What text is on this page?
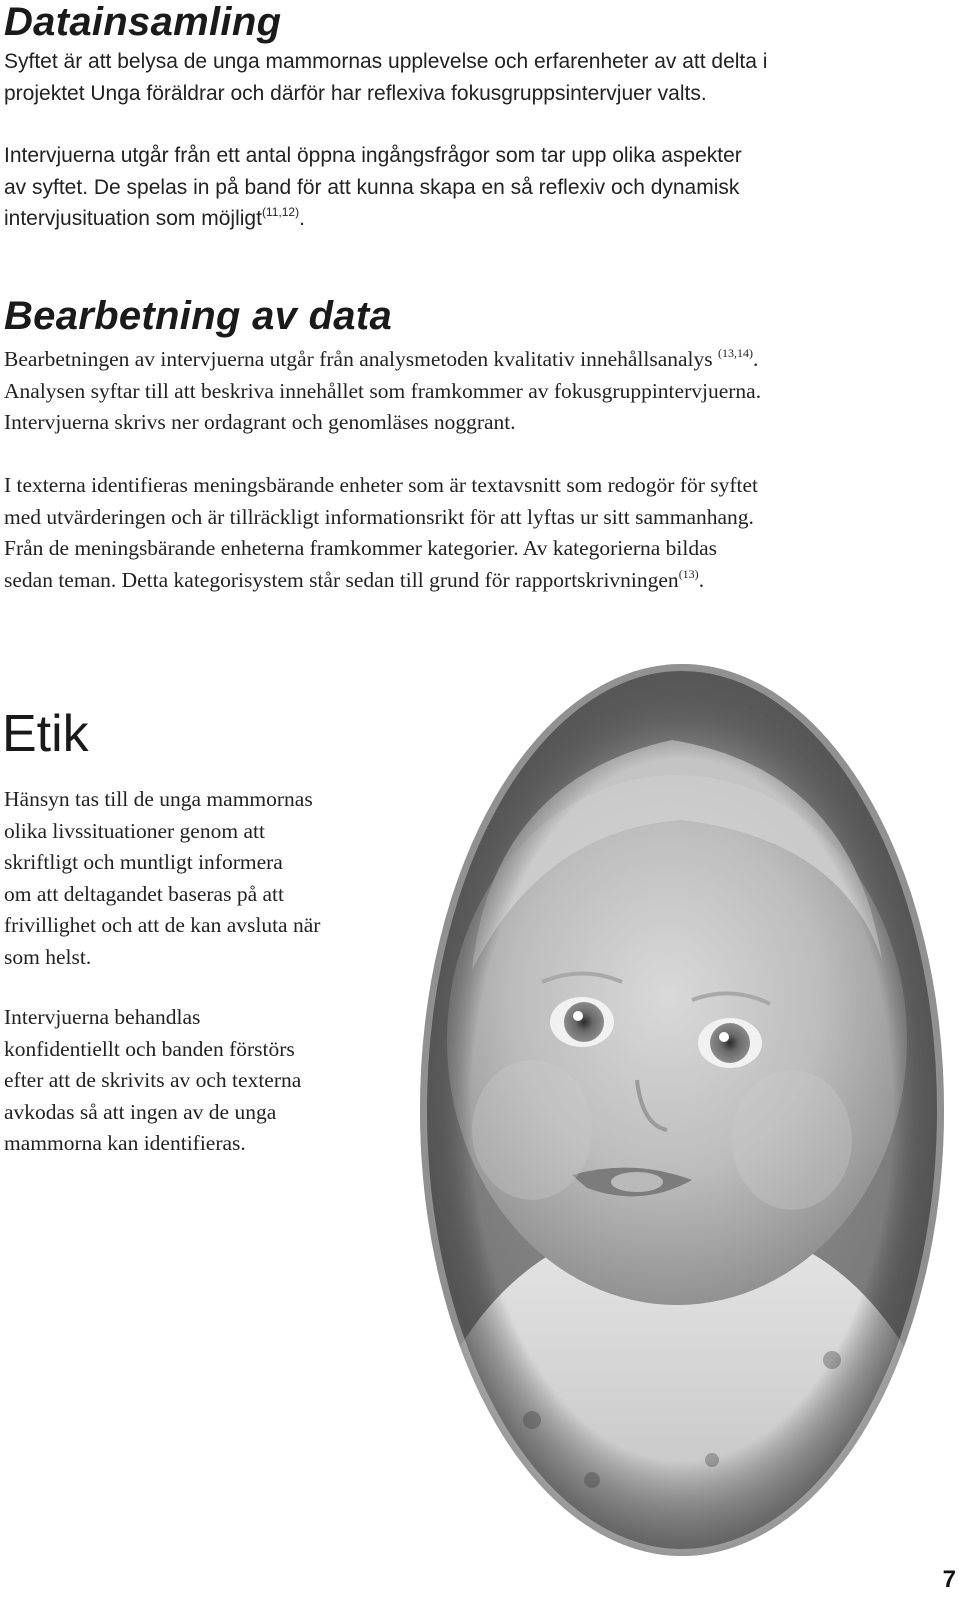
Datainsamling

Syftet är att belysa de unga mammornas upplevelse och erfarenheter av att delta i
projektet Unga föräldrar och därför har reflexiva fokusgruppsintervjuer valts.

Intervjuerna utgår från ett antal öppna ingångsfrågor som tar upp olika aspekter
av syftet. De spelas in på band för att kunna skapa en så reflexiv och dynamisk
intervjusituation som möjligt$^{(11,12)}$.

Bearbetning av data

Bearbetningen av intervjuerna utgår från analysmetoden kvalitativ innehållsanalys $^{(13,14)}$.
Analysen syftar till att beskriva innehållet som framkommer av fokusgruppintervjuerna.
Intervjuerna skrivs ner ordagrant och genomläses noggrant.

I texterna identifieras meningsbärande enheter som är textavsnitt som redogör för syftet
med utvärderingen och är tillräckligt informationsrikt för att lyftas ur sitt sammanhang.
Från de meningsbärande enheterna framkommer kategorier. Av kategorierna bildas
sedan teman. Detta kategorisystem står sedan till grund för rapportskrivningen$^{(13)}$.

Etik

Hänsyn tas till de unga mammornas
olika livssituationer genom att
skriftligt och muntligt informera
om att deltagandet baseras på att
frivillighet och att de kan avsluta när
som helst.

Intervjuerna behandlas
konfidentiellt och banden förstörs
efter att de skrivits av och texterna
avkodas så att ingen av de unga
mammorna kan identifieras.

7
